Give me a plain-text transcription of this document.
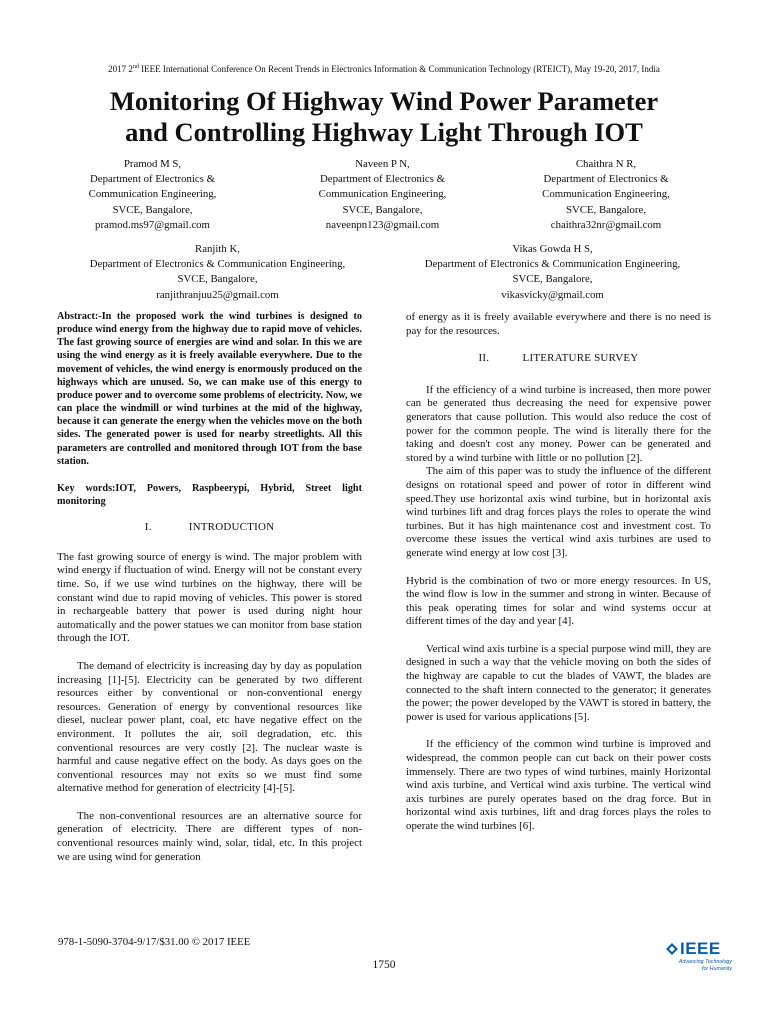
2017 2nd IEEE International Conference On Recent Trends in Electronics Information & Communication Technology (RTEICT), May 19-20, 2017, India
Monitoring Of Highway Wind Power Parameter
and Controlling Highway Light Through IOT
Pramod M S,
Department of Electronics &
Communication Engineering,
SVCE, Bangalore,
pramod.ms97@gmail.com
Naveen P N,
Department of Electronics &
Communication Engineering,
SVCE, Bangalore,
naveenpn123@gmail.com
Chaithra N R,
Department of Electronics &
Communication Engineering,
SVCE, Bangalore,
chaithra32nr@gmail.com
Ranjith K,
Department of Electronics & Communication Engineering,
SVCE, Bangalore,
ranjithranjuu25@gmail.com
Vikas Gowda H S,
Department of Electronics & Communication Engineering,
SVCE, Bangalore,
vikasvicky@gmail.com

Abstract:-In the proposed work the wind turbines is designed to produce wind energy from the highway due to rapid move of vehicles. The fast growing source of energies are wind and solar. In this we are using the wind energy as it is freely available everywhere. Due to the movement of vehicles, the wind energy is enormously produced on the highways which are unused. So, we can make use of this energy to produce power and to overcome some problems of electricity. Now, we can place the windmill or wind turbines at the mid of the highway, because it can generate the energy when the vehicles move on the both sides. The generated power is used for nearby streetlights. All this parameters are controlled and monitored through IOT from the base station.

Key words:IOT, Powers, Raspbeerypi, Hybrid, Street light monitoring

I.	INTRODUCTION

The fast growing source of energy is wind. The major problem with wind energy if fluctuation of wind. Energy will not be constant every time. So, if we use wind turbines on the highway, there will be constant wind due to rapid moving of vehicles. This power is stored in rechargeable battery that power is used during night hour automatically and the power statues we can monitor from base station through the IOT.

The demand of electricity is increasing day by day as population increasing [1]-[5]. Electricity can be generated by two different resources either by conventional or non-conventional energy resources. Generation of energy by conventional resources like diesel, nuclear power plant, coal, etc have negative effect on the environment. It pollutes the air, soil degradation, etc. this conventional resources are very costly [2]. The nuclear waste is harmful and cause negative effect on the body. As days goes on the conventional resources may not exits so we must find some alternative method for generation of electricity [4]-[5].

The non-conventional resources are an alternative source for generation of electricity. There are different types of non-conventional resources mainly wind, solar, tidal, etc. In this project we are using wind for generation

of energy as it is freely available everywhere and there is no need is pay for the resources.

II.	LITERATURE SURVEY

If the efficiency of a wind turbine is increased, then more power can be generated thus decreasing the need for expensive power generators that cause pollution. This would also reduce the cost of power for the common people. The wind is literally there for the taking and doesn't cost any money. Power can be generated and stored by a wind turbine with little or no pollution [2].

The aim of this paper was to study the influence of the different designs on rotational speed and power of rotor in different wind speed.They use horizontal axis wind turbine, but in horizontal axis wind turbines lift and drag forces plays the roles to operate the wind turbines. But it has high maintenance cost and investment cost. To overcome these issues the vertical wind axis turbines are used to generate wind energy at low cost [3].

Hybrid is the combination of two or more energy resources. In US, the wind flow is low in the summer and strong in winter. Because of this peak operating times for solar and wind systems occur at different times of the day and year [4].

Vertical wind axis turbine is a special purpose wind mill, they are designed in such a way that the vehicle moving on both the sides of the highway are capable to cut the blades of VAWT, the blades are connected to the shaft intern connected to the generator; it generates the power; the power developed by the VAWT is stored in battery, the power is used for various applications [5].

If the efficiency of the common wind turbine is improved and widespread, the common people can cut back on their power costs immensely. There are two types of wind turbines, mainly Horizontal wind axis turbine, and Vertical wind axis turbine. The vertical wind axis turbines are purely operates based on the drag force. But in horizontal wind axis turbines, lift and drag forces plays the roles to operate the wind turbines [6].

978-1-5090-3704-9/17/$31.00 © 2017 IEEE
1750
IEEE
Advancing Technology
for Humanity
